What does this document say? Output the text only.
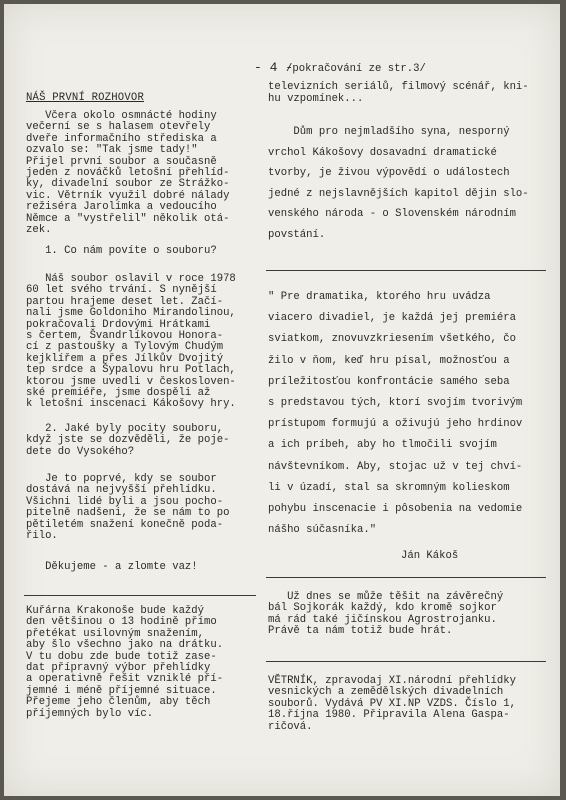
- 4 -
NÁŠ PRVNÍ ROZHOVOR

Včera okolo osmnácté hodiny
večerní se s halasem otevřely
dveře informačního střediska a
ozvalo se: "Tak jsme tady!"
Přijel první soubor a současně
jeden z nováčků letošní přehlíd-
ky, divadelní soubor ze Strážko-
vic. Větrník využil dobré nálady
režiséra Jarolímka a vedoucího
Němce a "vystřelil" několik otá-
zek.

1. Co nám povíte o souboru?

Náš soubor oslavil v roce 1978
60 let svého trvání. S nynější
partou hrajeme deset let. Začí-
nali jsme Goldoniho Mirandolinou,
pokračovali Drdovými Hrátkami
s čertem, Švandrlíkovou Honora-
cí z pastoušky a Tylovým Chudým
kejklířem a přes Jílkův Dvojitý
tep srdce a Šypalovu hru Potlach,
ktorou jsme uvedli v českosloven-
ské premiéře, jsme dospěli až
k letošní inscenaci Kákošovy hry.

2. Jaké byly pocity souboru,
když jste se dozvěděli, že poje-
dete do Vysokého?

Je to poprvé, kdy se soubor
dostává na nejvyšší přehlídku.
Všichni lidé byli a jsou pocho-
pitelně nadšeni, že se nám to po
pětiletém snažení konečně poda-
řilo.

Děkujeme - a zlomte vaz!

Kuřárna Krakonoše bude každý
den většinou o 13 hodině přímo
přetékat usilovným snažením,
aby šlo všechno jako na drátku.
V tu dobu zde bude totiž zase-
dat přípravný výbor přehlídky
a operativně řešit vzniklé pří-
jemné i méně příjemné situace.
Přejeme jeho členům, aby těch
příjemných bylo víc.

/pokračování ze str.3/

televizních seriálů, filmový scénář, kni-
hu vzpomínek...

Dům pro nejmladšího syna, nesporný
vrchol Kákošovy dosavadní dramatické
tvorby, je živou výpovědí o událostech
jedné z nejslavnějších kapitol dějin slo-
venského národa - o Slovenském národním
povstání.

" Pre dramatika, ktorého hru uvádza
viacero divadiel, je každá jej premiéra
sviatkom, znovuvzkriesením všetkého, čo
žilo v ňom, keď hru písal, možnosťou a
príležitosťou konfrontácie samého seba
s predstavou tých, ktorí svojím tvorivým
prístupom formujú a oživujú jeho hrdinov
a ich príbeh, aby ho tlmočili svojím
návštevníkom. Aby, stojac už v tej chví-
li v úzadí, stal sa skromným kolieskom
pohybu inscenacie i pôsobenia na vedomie
nášho súčasníka."

Ján Kákoš

Už dnes se může těšit na závěrečný
bál Sojkorák každý, kdo kromě sojkor
má rád také jičínskou Agrostrojanku.
Právě ta nám totiž bude hrát.

VĚTRNÍK, zpravodaj XI.národní přehlídky
vesnických a zemědělských divadelních
souborů. Vydává PV XI.NP VZDS. Číslo 1,
18.října 1980. Připravila Alena Gaspa-
ričová.
